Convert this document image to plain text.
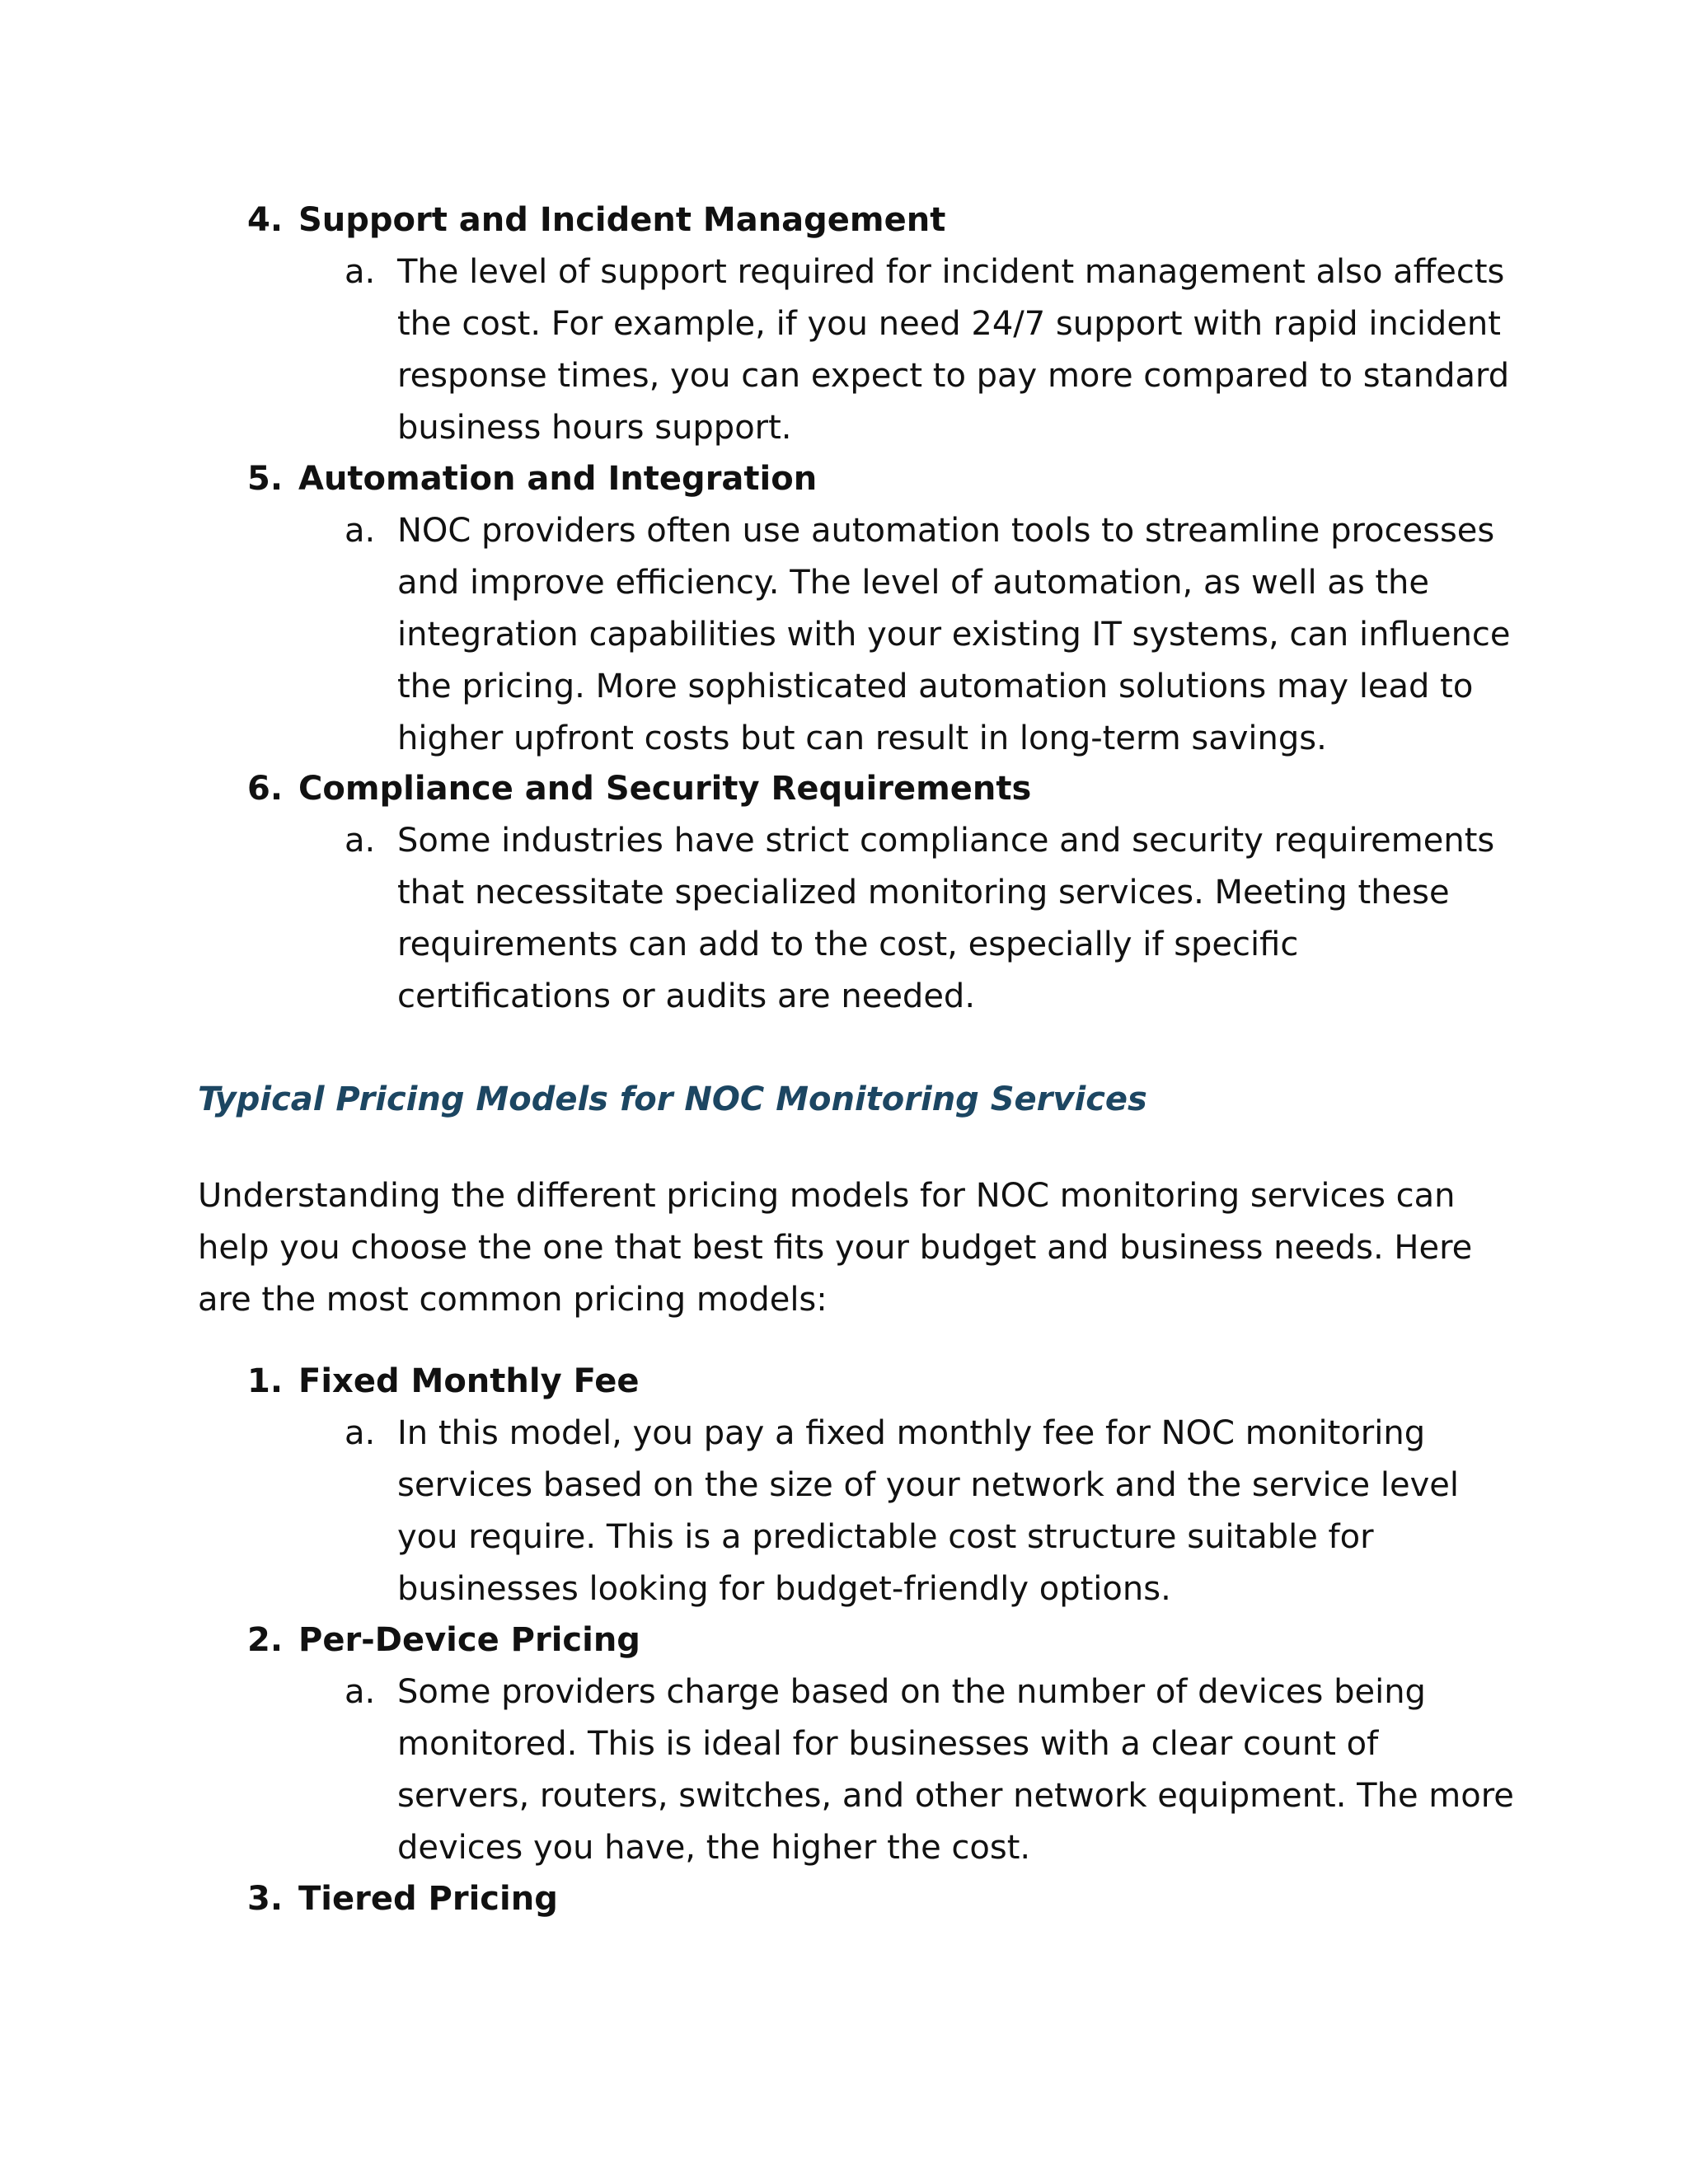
4. Support and Incident Management
a. The level of support required for incident management also affects the cost. For example, if you need 24/7 support with rapid incident response times, you can expect to pay more compared to standard business hours support.
5. Automation and Integration
a. NOC providers often use automation tools to streamline processes and improve efficiency. The level of automation, as well as the integration capabilities with your existing IT systems, can influence the pricing. More sophisticated automation solutions may lead to higher upfront costs but can result in long-term savings.
6. Compliance and Security Requirements
a. Some industries have strict compliance and security requirements that necessitate specialized monitoring services. Meeting these requirements can add to the cost, especially if specific certifications or audits are needed.
Typical Pricing Models for NOC Monitoring Services
Understanding the different pricing models for NOC monitoring services can help you choose the one that best fits your budget and business needs. Here are the most common pricing models:
1. Fixed Monthly Fee
a. In this model, you pay a fixed monthly fee for NOC monitoring services based on the size of your network and the service level you require. This is a predictable cost structure suitable for businesses looking for budget-friendly options.
2. Per-Device Pricing
a. Some providers charge based on the number of devices being monitored. This is ideal for businesses with a clear count of servers, routers, switches, and other network equipment. The more devices you have, the higher the cost.
3. Tiered Pricing
